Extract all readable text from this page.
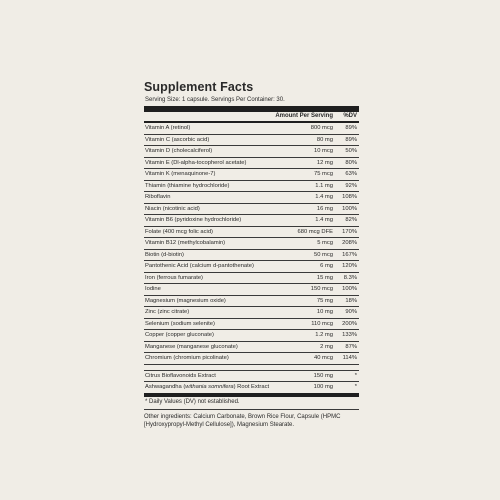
Supplement Facts
Serving Size: 1 capsule. Servings Per Container: 30.
Amount Per Serving	%DV
Vitamin A (retinol)	800 mcg	89%
Vitamin C (ascorbic acid)	80 mg	89%
Vitamin D (cholecalciferol)	10 mcg	50%
Vitamin E (Dl-alpha-tocopherol acetate)	12 mg	80%
Vitamin K (menaquinone-7)	75 mcg	63%
Thiamin (thiamine hydrochloride)	1.1 mg	92%
Riboflavin	1.4 mg	108%
Niacin (nicotinic acid)	16 mg	100%
Vitamin B6 (pyridoxine hydrochloride)	1.4 mg	82%
Folate (400 mcg folic acid)	680 mcg DFE	170%
Vitamin B12 (methylcobalamin)	5 mcg	208%
Biotin (d-biotin)	50 mcg	167%
Pantothenic Acid (calcium d-pantothenate)	6 mg	120%
Iron (ferrous fumarate)	15 mg	8.3%
Iodine	150 mcg	100%
Magnesium (magnesium oxide)	75 mg	18%
Zinc (zinc citrate)	10 mg	90%
Selenium (sodium selenite)	110 mcg	200%
Copper (copper gluconate)	1.2 mg	133%
Manganese (manganese gluconate)	2 mg	87%
Chromium (chromium picolinate)	40 mcg	114%
Citrus Bioflavonoids Extract	150 mg	*
Ashwagandha (withania somnifera) Root Extract	100 mg	*
* Daily Values (DV) not established.
Other ingredients: Calcium Carbonate, Brown Rice Flour, Capsule (HPMC [Hydroxypropyl-Methyl Cellulose]), Magnesium Stearate.
